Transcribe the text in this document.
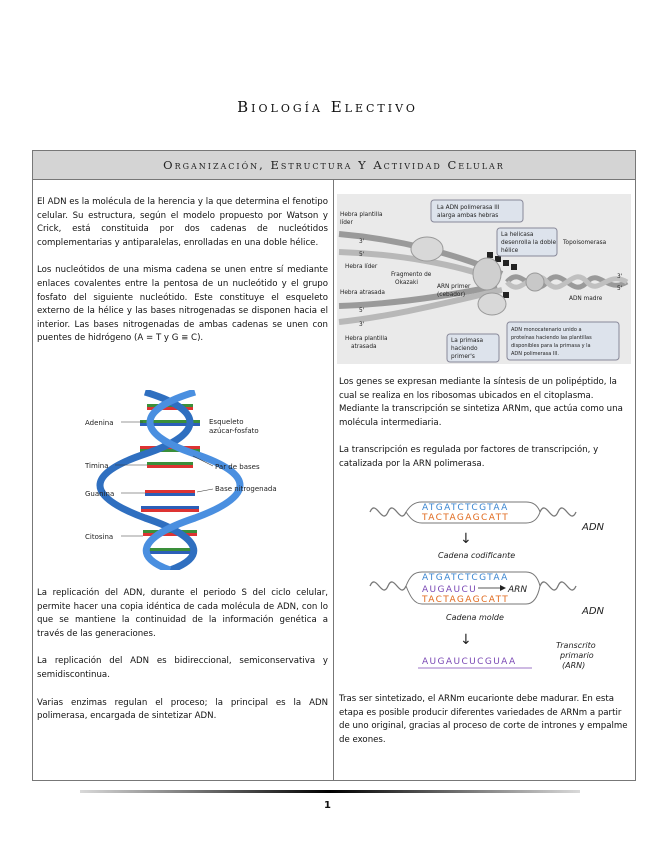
Biología Electivo
Organización, Estructura Y Actividad Celular

El ADN es la molécula de la herencia y la que determina el fenotipo celular. Su estructura, según el modelo propuesto por Watson y Crick, está constituida por dos cadenas de nucleótidos complementarias y antiparalelas, enrolladas en una doble hélice.

Los nucleótidos de una misma cadena se unen entre sí mediante enlaces covalentes entre la pentosa de un nucleótido y el grupo fosfato del siguiente nucleótido. Este constituye el esqueleto externo de la hélice y las bases nitrogenadas se disponen hacia el interior. Las bases nitrogenadas de ambas cadenas se unen con puentes de hidrógeno (A = T y G ≡ C).

Adenina
Timina
Guanina
Citosina
Esqueleto
azúcar-fosfato
Par de bases
Base nitrogenada

La replicación del ADN, durante el periodo S del ciclo celular, permite hacer una copia idéntica de cada molécula de ADN, con lo que se mantiene la continuidad de la información genética a través de las generaciones.

La replicación del ADN es bidireccional, semiconservativa y semidiscontinua.

Varias enzimas regulan el proceso; la principal es la ADN polimerasa, encargada de sintetizar ADN.

La ADN polimerasa III
alarga ambas hebras
La helicasa
desenrolla la doble
hélice
Topoisomerasa
Hebra plantilla
líder
3'
5'
Hebra líder
Fragmento de
Okazaki
ARN primer
(cebador)
Hebra atrasada
5'
3'
Hebra plantilla
atrasada
La primasa
haciendo
primer's
ADN monocatenario unido a
proteínas haciendo las plantillas
disponibles para la primasa y la
ADN polimerasa III.
3'
5'
ADN madre

Los genes se expresan mediante la síntesis de un polipéptido, la cual se realiza en los ribosomas ubicados en el citoplasma. Mediante la transcripción se sintetiza ARNm, que actúa como una molécula intermediaria.

La transcripción es regulada por factores de transcripción, y catalizada por la ARN polimerasa.

ATGATCTCGTAA
TACTAGAGCATT
ADN
↓
Cadena codificante
ATGATCTCGTAA
AUGAUCU
TACTAGAGCATT
ARN
ADN
Cadena molde
↓
AUGAUCUCGUAA
Transcrito
primario
(ARN)

Tras ser sintetizado, el ARNm eucarionte debe madurar. En esta etapa es posible producir diferentes variedades de ARNm a partir de uno original, gracias al proceso de corte de intrones y empalme de exones.

1
